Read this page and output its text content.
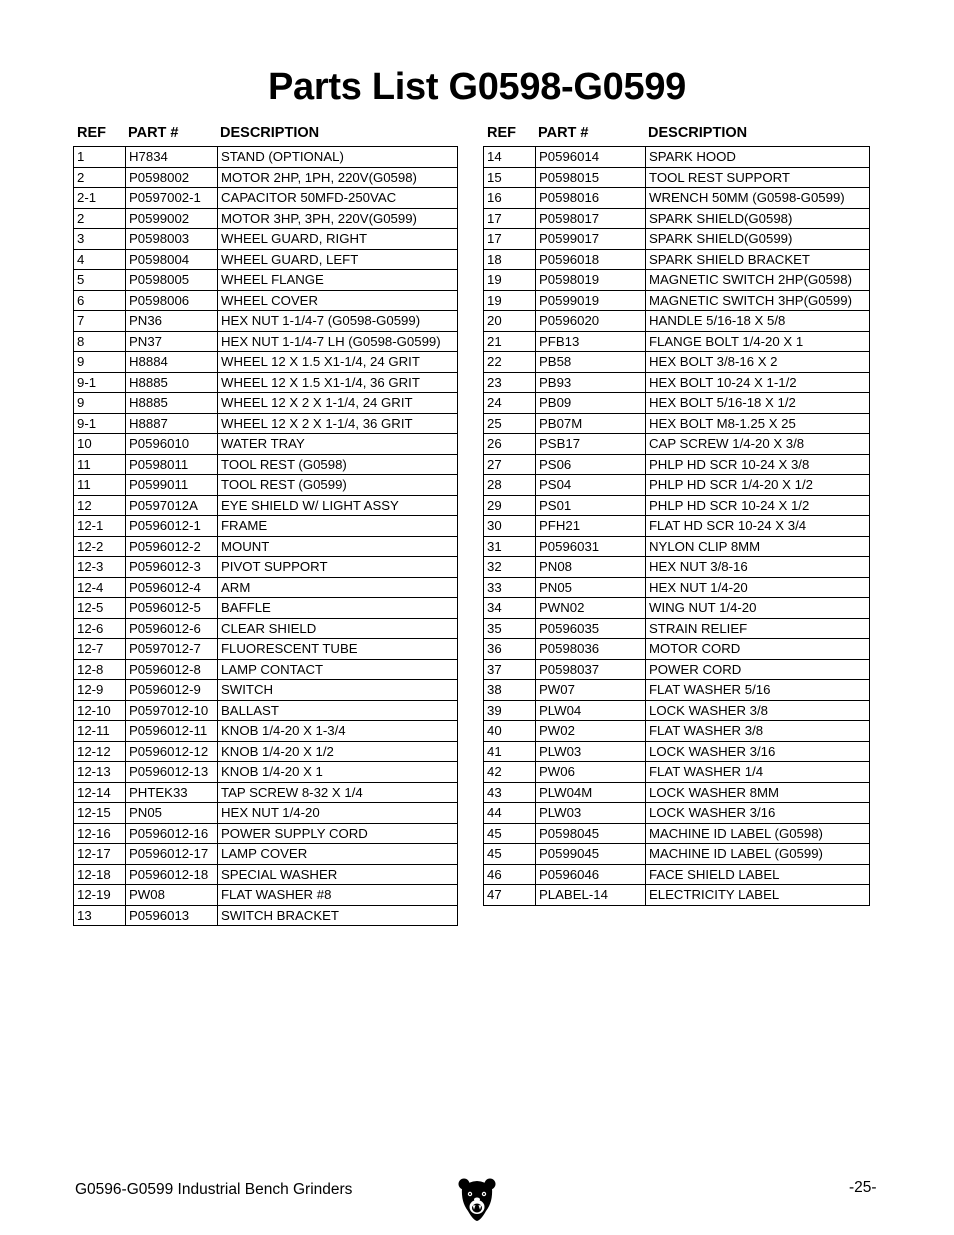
Parts List G0598-G0599
REF PART #	DESCRIPTION
1	H7834	STAND (OPTIONAL)
2	P0598002	MOTOR 2HP, 1PH, 220V(G0598)
2-1	P0597002-1	CAPACITOR 50MFD-250VAC
2	P0599002	MOTOR 3HP, 3PH, 220V(G0599)
3	P0598003	WHEEL GUARD, RIGHT
4	P0598004	WHEEL GUARD, LEFT
5	P0598005	WHEEL FLANGE
6	P0598006	WHEEL COVER
7	PN36	HEX NUT 1-1/4-7 (G0598-G0599)
8	PN37	HEX NUT 1-1/4-7 LH (G0598-G0599)
9	H8884	WHEEL 12 X 1.5 X1-1/4, 24 GRIT
9-1	H8885	WHEEL 12 X 1.5 X1-1/4, 36 GRIT
9	H8885	WHEEL 12 X 2 X 1-1/4, 24 GRIT
9-1	H8887	WHEEL 12 X 2 X 1-1/4, 36 GRIT
10	P0596010	WATER TRAY
11	P0598011	TOOL REST (G0598)
11	P0599011	TOOL REST (G0599)
12	P0597012A	EYE SHIELD W/ LIGHT ASSY
12-1	P0596012-1	FRAME
12-2	P0596012-2	MOUNT
12-3	P0596012-3	PIVOT SUPPORT
12-4	P0596012-4	ARM
12-5	P0596012-5	BAFFLE
12-6	P0596012-6	CLEAR SHIELD
12-7	P0597012-7	FLUORESCENT TUBE
12-8	P0596012-8	LAMP CONTACT
12-9	P0596012-9	SWITCH
12-10	P0597012-10	BALLAST
12-11	P0596012-11	KNOB 1/4-20 X 1-3/4
12-12	P0596012-12	KNOB 1/4-20 X 1/2
12-13	P0596012-13	KNOB 1/4-20 X 1
12-14	PHTEK33	TAP SCREW 8-32 X 1/4
12-15	PN05	HEX NUT 1/4-20
12-16	P0596012-16	POWER SUPPLY CORD
12-17	P0596012-17	LAMP COVER
12-18	P0596012-18	SPECIAL WASHER
12-19	PW08	FLAT WASHER #8
13	P0596013	SWITCH BRACKET
REF PART #	DESCRIPTION
14	P0596014	SPARK HOOD
15	P0598015	TOOL REST SUPPORT
16	P0598016	WRENCH 50MM (G0598-G0599)
17	P0598017	SPARK SHIELD(G0598)
17	P0599017	SPARK SHIELD(G0599)
18	P0596018	SPARK SHIELD BRACKET
19	P0598019	MAGNETIC SWITCH 2HP(G0598)
19	P0599019	MAGNETIC SWITCH 3HP(G0599)
20	P0596020	HANDLE 5/16-18 X 5/8
21	PFB13	FLANGE BOLT 1/4-20 X 1
22	PB58	HEX BOLT 3/8-16 X 2
23	PB93	HEX BOLT 10-24 X 1-1/2
24	PB09	HEX BOLT 5/16-18 X 1/2
25	PB07M	HEX BOLT M8-1.25 X 25
26	PSB17	CAP SCREW 1/4-20 X 3/8
27	PS06	PHLP HD SCR 10-24 X 3/8
28	PS04	PHLP HD SCR 1/4-20 X 1/2
29	PS01	PHLP HD SCR 10-24 X 1/2
30	PFH21	FLAT HD SCR 10-24 X 3/4
31	P0596031	NYLON CLIP 8MM
32	PN08	HEX NUT 3/8-16
33	PN05	HEX NUT 1/4-20
34	PWN02	WING NUT 1/4-20
35	P0596035	STRAIN RELIEF
36	P0598036	MOTOR CORD
37	P0598037	POWER CORD
38	PW07	FLAT WASHER 5/16
39	PLW04	LOCK WASHER 3/8
40	PW02	FLAT WASHER 3/8
41	PLW03	LOCK WASHER 3/16
42	PW06	FLAT WASHER 1/4
43	PLW04M	LOCK WASHER 8MM
44	PLW03	LOCK WASHER 3/16
45	P0598045	MACHINE ID LABEL (G0598)
45	P0599045	MACHINE ID LABEL (G0599)
46	P0596046	FACE SHIELD LABEL
47	PLABEL-14	ELECTRICITY LABEL
G0596-G0599 Industrial Bench Grinders	-25-
